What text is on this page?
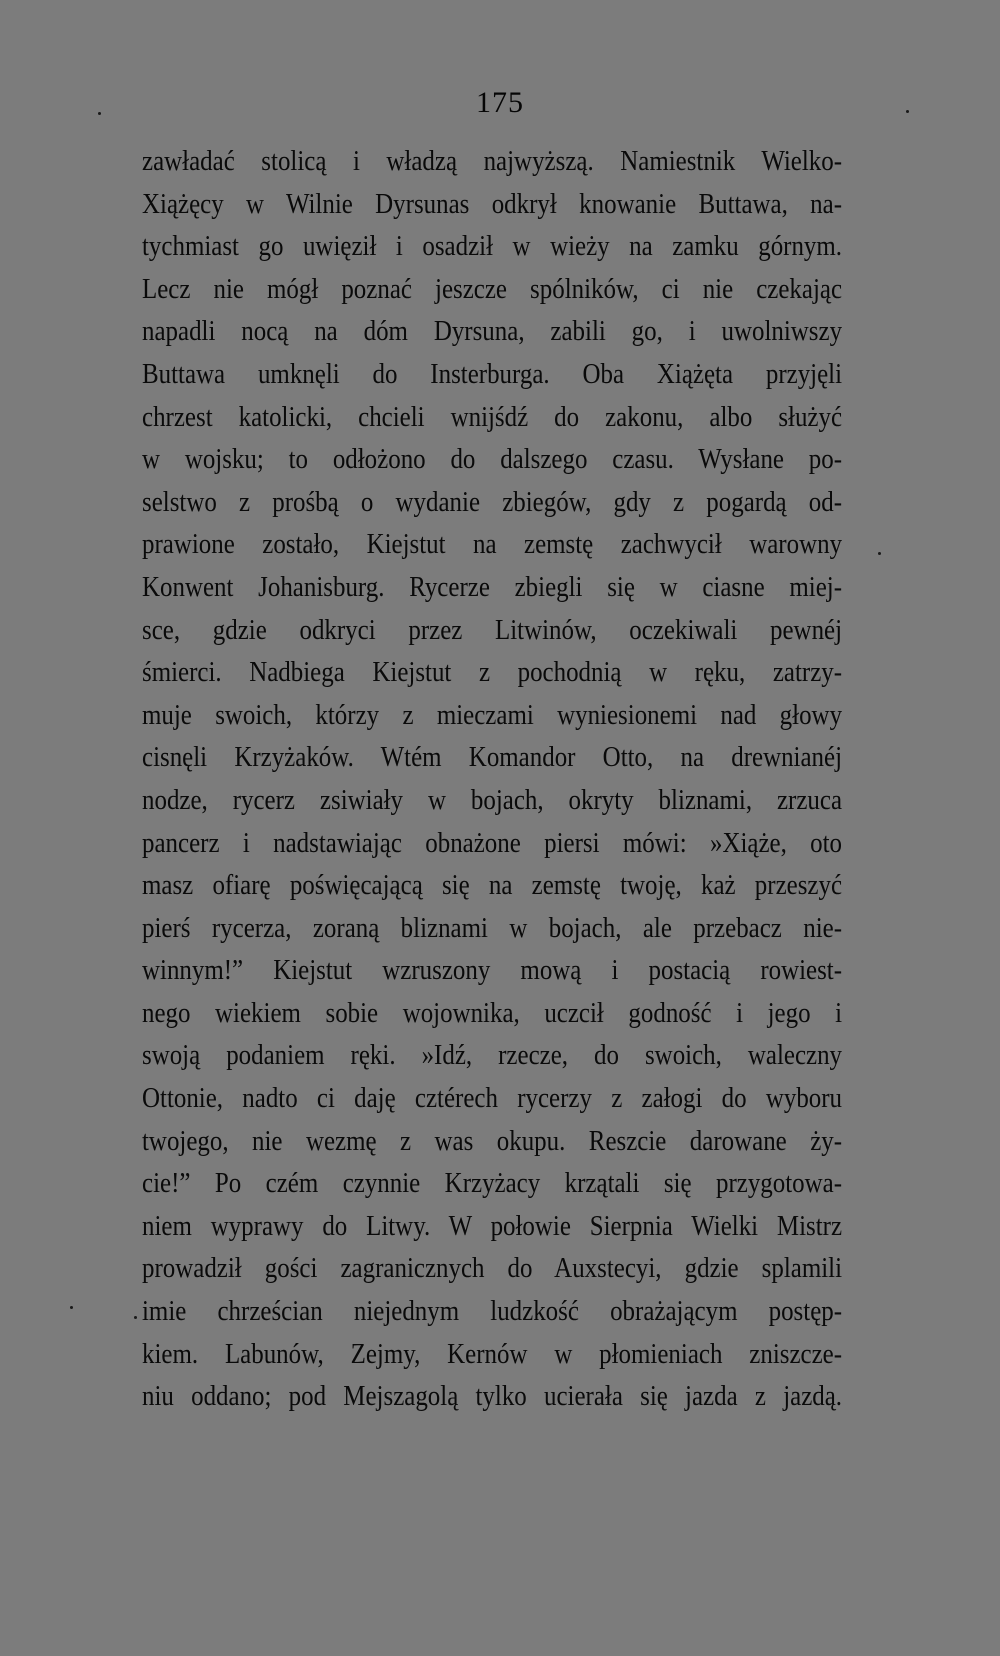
175
zawładać stolicą i władzą najwyższą. Namiestnik Wielko-
Xiążęcy w Wilnie Dyrsunas odkrył knowanie Buttawa, na-
tychmiast go uwięził i osadził w wieży na zamku górnym.
Lecz nie mógł poznać jeszcze spólników, ci nie czekając
napadli nocą na dóm Dyrsuna, zabili go, i uwolniwszy
Buttawa umknęli do Insterburga. Oba Xiążęta przyjęli
chrzest katolicki, chcieli wnijśdź do zakonu, albo służyć
w wojsku; to odłożono do dalszego czasu. Wysłane po-
selstwo z prośbą o wydanie zbiegów, gdy z pogardą od-
prawione zostało, Kiejstut na zemstę zachwycił warowny
Konwent Johanisburg. Rycerze zbiegli się w ciasne miej-
sce, gdzie odkryci przez Litwinów, oczekiwali pewnéj
śmierci. Nadbiega Kiejstut z pochodnią w ręku, zatrzy-
muje swoich, którzy z mieczami wyniesionemi nad głowy
cisnęli Krzyżaków. Wtém Komandor Otto, na drewnianéj
nodze, rycerz zsiwiały w bojach, okryty bliznami, zrzuca
pancerz i nadstawiając obnażone piersi mówi: »Xiąże, oto
masz ofiarę poświęcającą się na zemstę twoję, każ przeszyć
pierś rycerza, zoraną bliznami w bojach, ale przebacz nie-
winnym!” Kiejstut wzruszony mową i postacią rowiest-
nego wiekiem sobie wojownika, uczcił godność i jego i
swoją podaniem ręki. »Idź, rzecze, do swoich, waleczny
Ottonie, nadto ci daję cztérech rycerzy z załogi do wyboru
twojego, nie wezmę z was okupu. Reszcie darowane ży-
cie!” Po czém czynnie Krzyżacy krzątali się przygotowa-
niem wyprawy do Litwy. W połowie Sierpnia Wielki Mistrz
prowadził gości zagranicznych do Auxstecyi, gdzie splamili
imie chrześcian niejednym ludzkość obrażającym postęp-
kiem. Labunów, Zejmy, Kernów w płomieniach zniszcze-
niu oddano; pod Mejszagolą tylko ucierała się jazda z jazdą.
